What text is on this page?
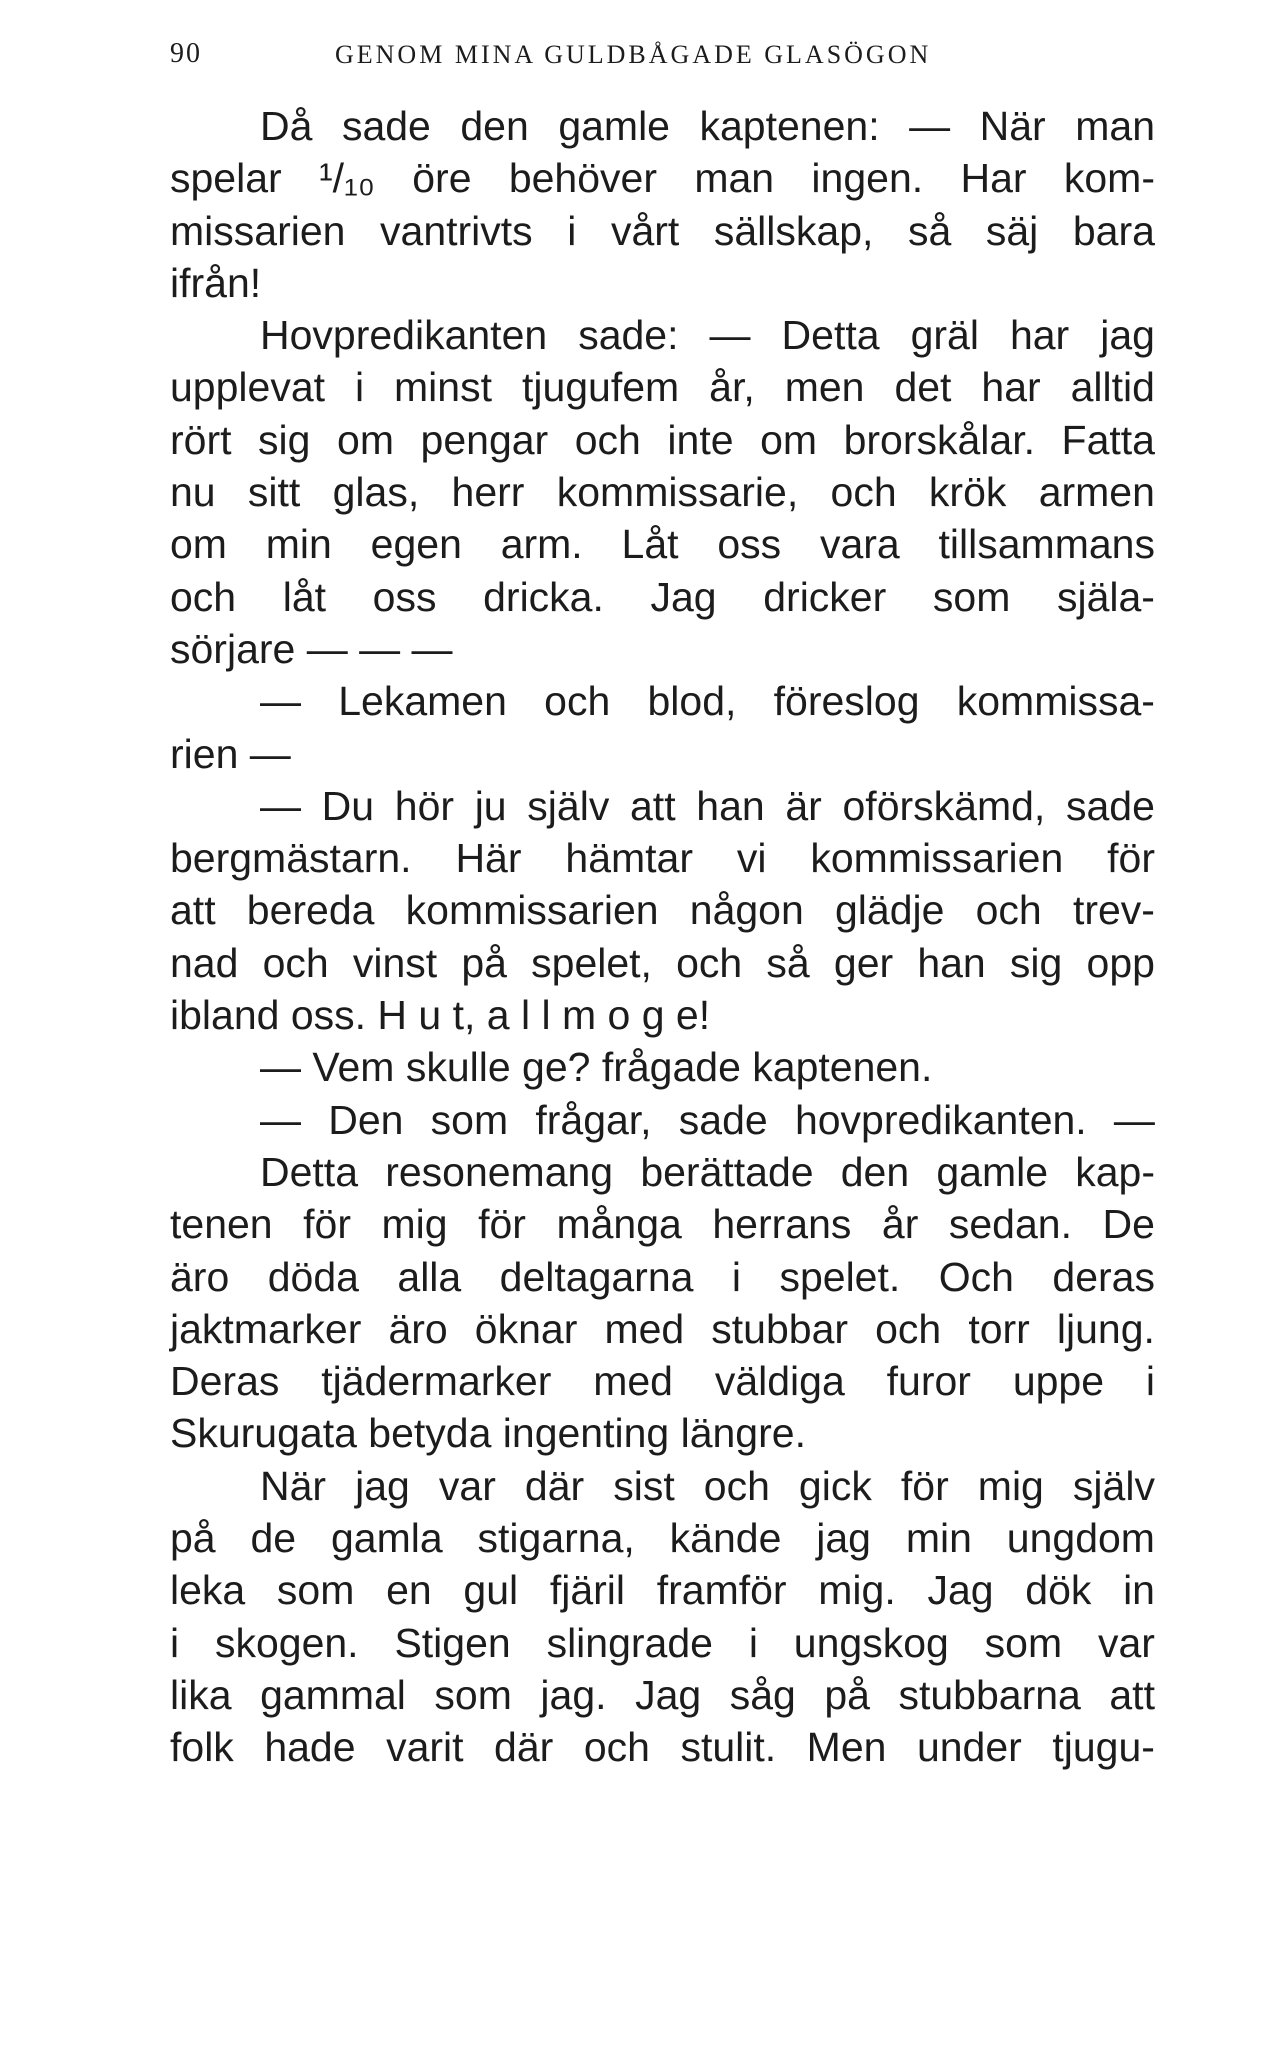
90	GENOM MINA GULDBÅGADE GLASÖGON
Då sade den gamle kaptenen: — När man
spelar ¹/₁₀ öre behöver man ingen. Har kom-
missarien vantrivts i vårt sällskap, så säj bara
ifrån!
Hovpredikanten sade: — Detta gräl har jag
upplevat i minst tjugufem år, men det har alltid
rört sig om pengar och inte om brorskålar. Fatta
nu sitt glas, herr kommissarie, och krök armen
om min egen arm. Låt oss vara tillsammans
och låt oss dricka. Jag dricker som själa-
sörjare — — —
— Lekamen och blod, föreslog kommissa-
rien —
— Du hör ju själv att han är oförskämd, sade
bergmästarn. Här hämtar vi kommissarien för
att bereda kommissarien någon glädje och trev-
nad och vinst på spelet, och så ger han sig opp
ibland oss. H u t, a l l m o g e!
— Vem skulle ge? frågade kaptenen.
— Den som frågar, sade hovpredikanten. —
Detta resonemang berättade den gamle kap-
tenen för mig för många herrans år sedan. De
äro döda alla deltagarna i spelet. Och deras
jaktmarker äro öknar med stubbar och torr ljung.
Deras tjädermarker med väldiga furor uppe i
Skurugata betyda ingenting längre.
När jag var där sist och gick för mig själv
på de gamla stigarna, kände jag min ungdom
leka som en gul fjäril framför mig. Jag dök in
i skogen. Stigen slingrade i ungskog som var
lika gammal som jag. Jag såg på stubbarna att
folk hade varit där och stulit. Men under tjugu-
